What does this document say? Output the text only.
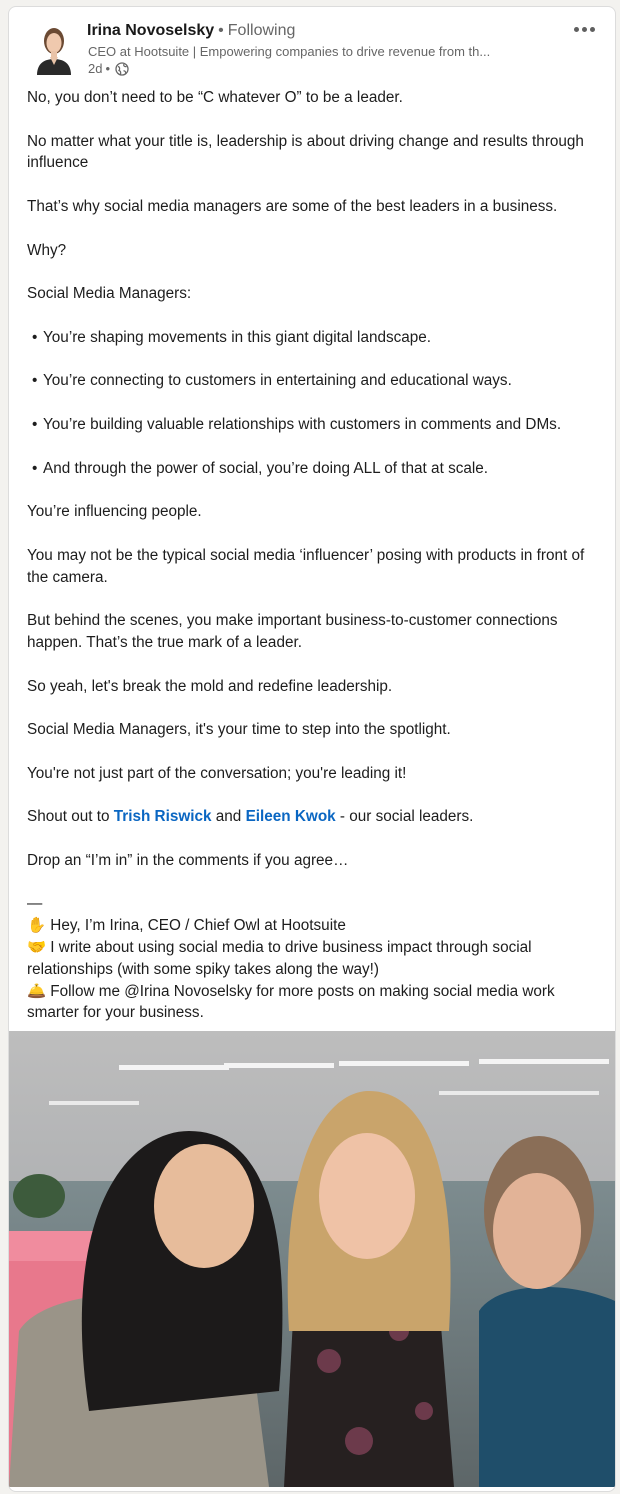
Irina Novoselsky • Following
CEO at Hootsuite | Empowering companies to drive revenue from th...
2d •

No, you don’t need to be “C whatever O” to be a leader.

No matter what your title is, leadership is about driving change and results through influence

That’s why social media managers are some of the best leaders in a business.

Why?

Social Media Managers:

• You’re shaping movements in this giant digital landscape.
• You’re connecting to customers in entertaining and educational ways.
• You’re building valuable relationships with customers in comments and DMs.
• And through the power of social, you’re doing ALL of that at scale.

You’re influencing people.

You may not be the typical social media ‘influencer’ posing with products in front of the camera.

But behind the scenes, you make important business-to-customer connections happen. That’s the true mark of a leader.

So yeah, let's break the mold and redefine leadership.

Social Media Managers, it's your time to step into the spotlight.

You're not just part of the conversation; you're leading it!

Shout out to Trish Riswick and Eileen Kwok - our social leaders.

Drop an “I’m in” in the comments if you agree…

—
✋ Hey, I’m Irina, CEO / Chief Owl at Hootsuite
🤝 I write about using social media to drive business impact through social relationships (with some spiky takes along the way!)
🛎️ Follow me @Irina Novoselsky for more posts on making social media work smarter for your business.
